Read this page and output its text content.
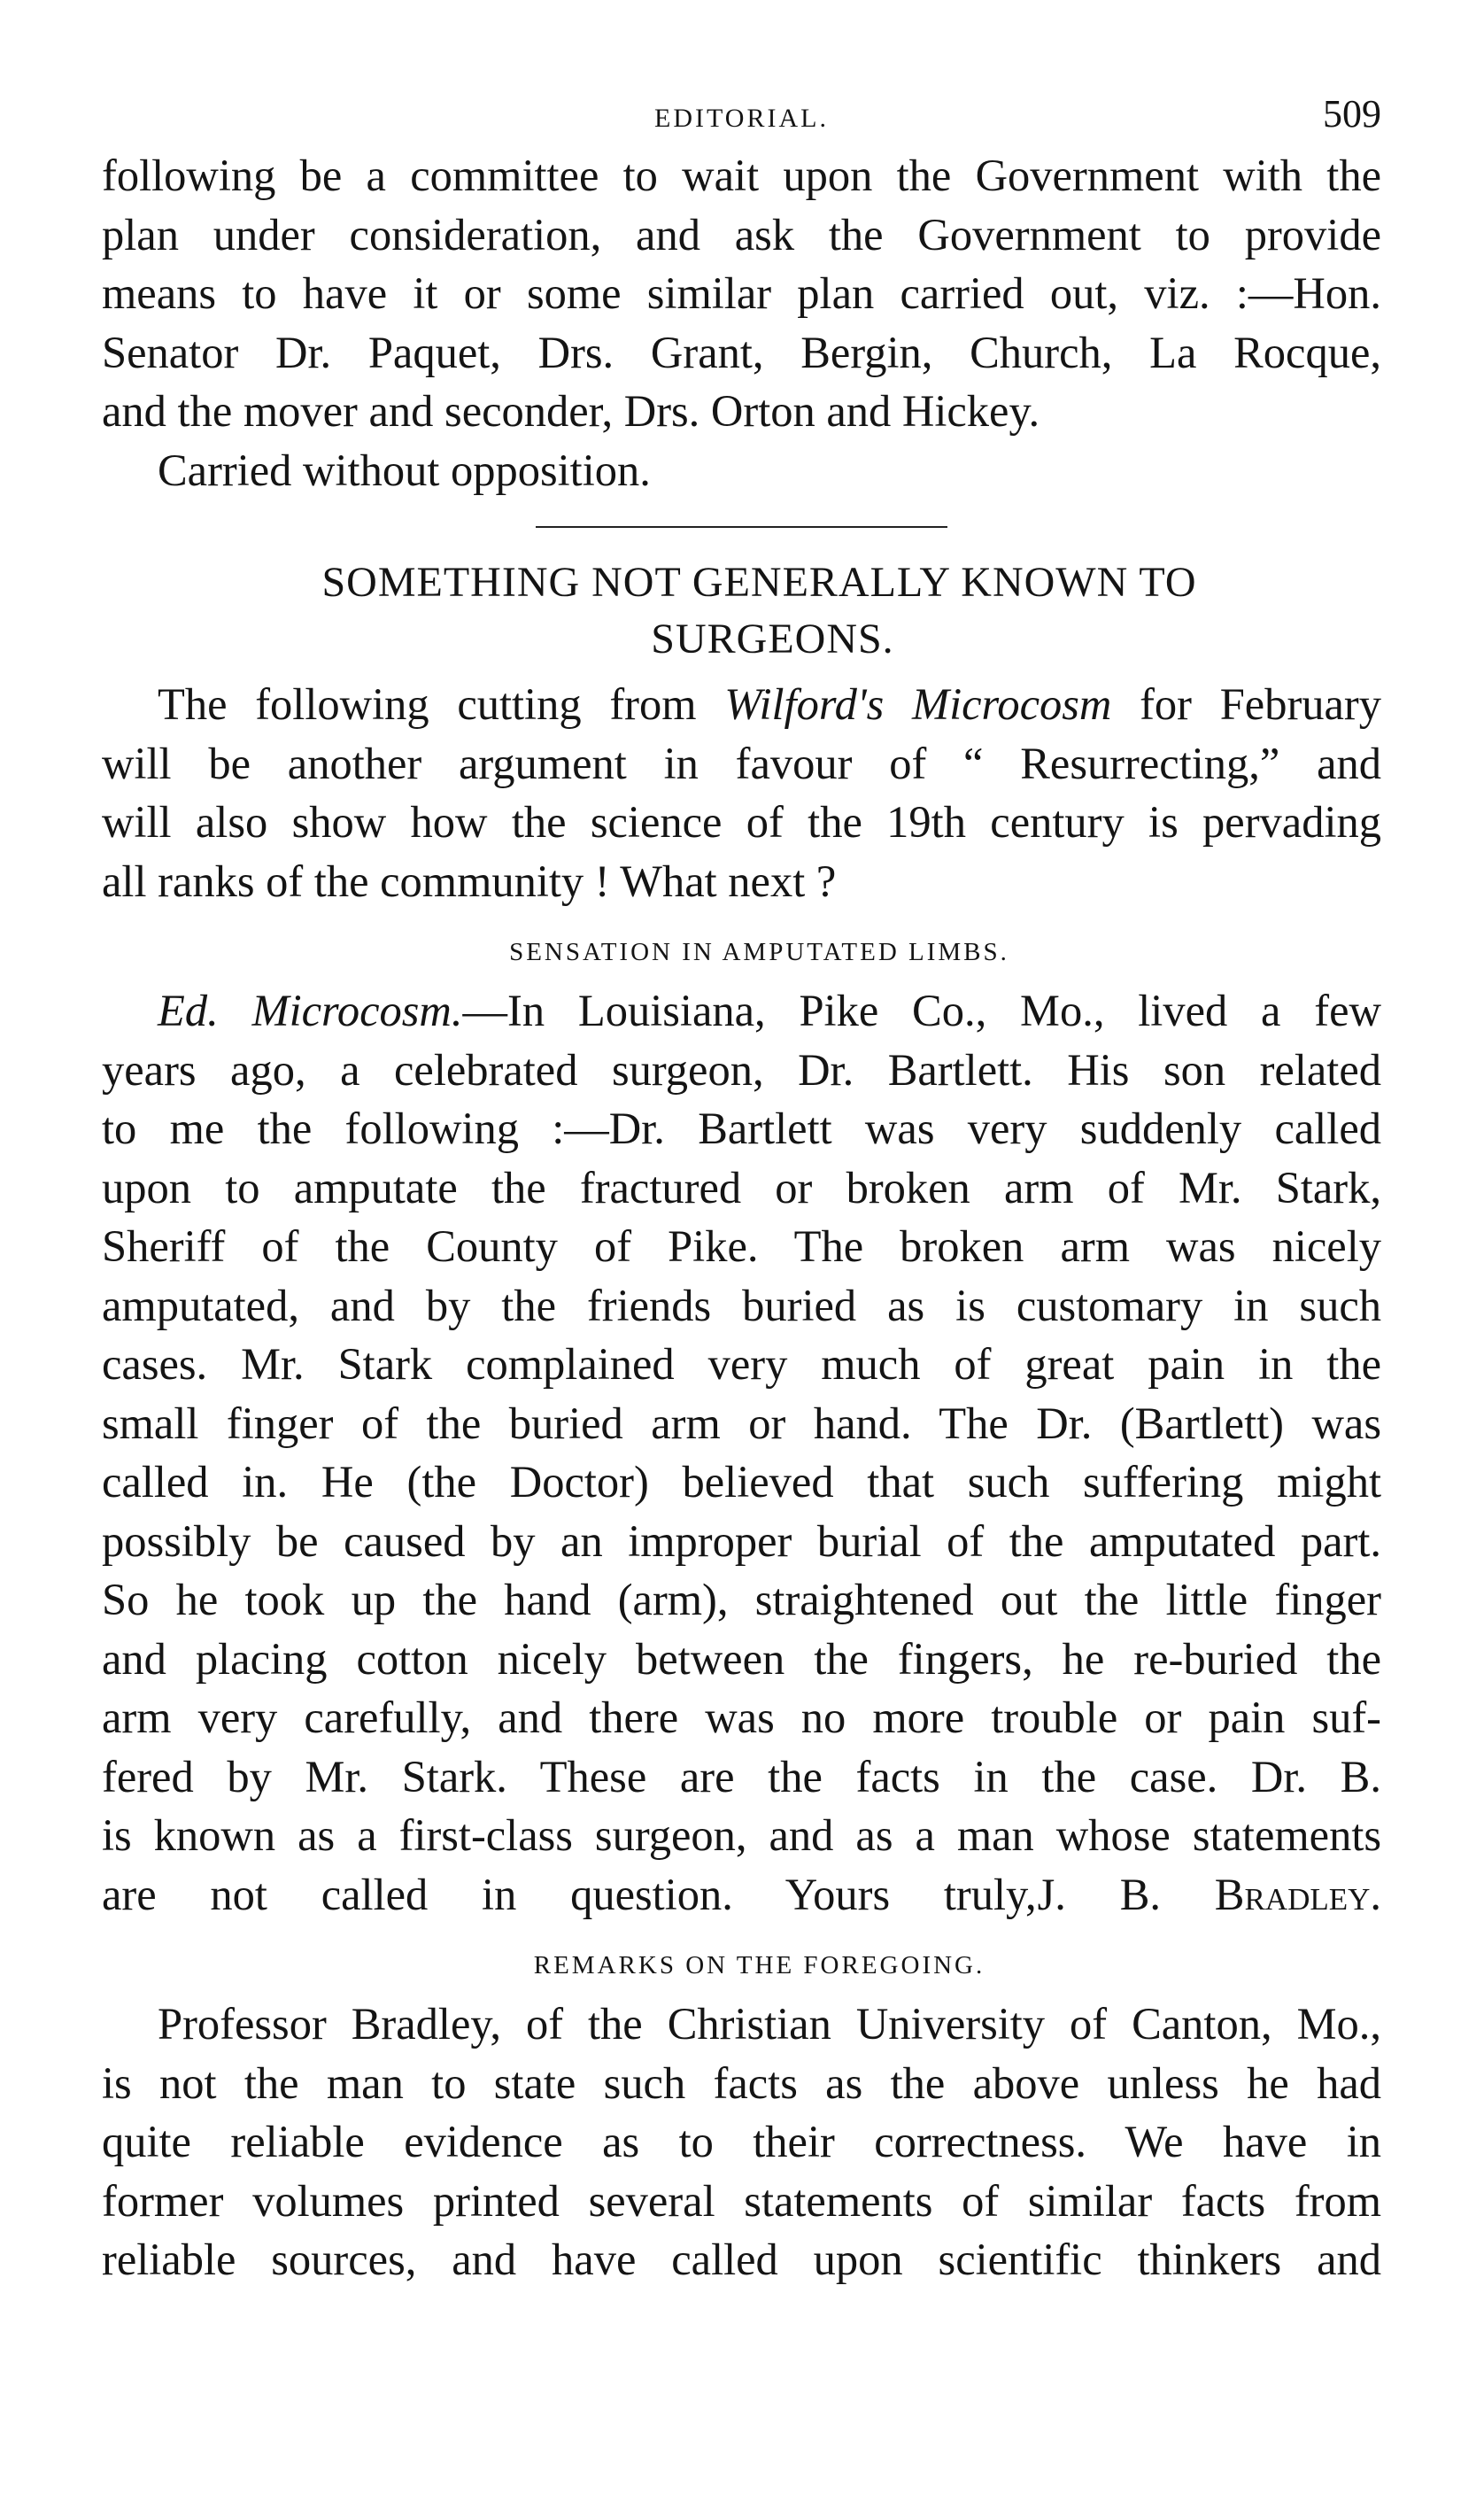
EDITORIAL.	509
following be a committee to wait upon the Government with the
plan under consideration, and ask the Government to provide
means to have it or some similar plan carried out, viz. :—Hon.
Senator Dr. Paquet, Drs. Grant, Bergin, Church, La Rocque,
and the mover and seconder, Drs. Orton and Hickey.
Carried without opposition.
SOMETHING NOT GENERALLY KNOWN TO
SURGEONS.
The following cutting from Wilford's Microcosm for February
will be another argument in favour of “ Resurrecting,” and
will also show how the science of the 19th century is pervading
all ranks of the community ! What next ?
SENSATION IN AMPUTATED LIMBS.
Ed. Microcosm.—In Louisiana, Pike Co., Mo., lived a few
years ago, a celebrated surgeon, Dr. Bartlett. His son related
to me the following :—Dr. Bartlett was very suddenly called
upon to amputate the fractured or broken arm of Mr. Stark,
Sheriff of the County of Pike. The broken arm was nicely
amputated, and by the friends buried as is customary in such
cases. Mr. Stark complained very much of great pain in the
small finger of the buried arm or hand. The Dr. (Bartlett) was
called in. He (the Doctor) believed that such suffering might
possibly be caused by an improper burial of the amputated part.
So he took up the hand (arm), straightened out the little finger
and placing cotton nicely between the fingers, he re-buried the
arm very carefully, and there was no more trouble or pain suf-
fered by Mr. Stark. These are the facts in the case. Dr. B.
is known as a first-class surgeon, and as a man whose statements
are not called in question. Yours truly,J. B. Bradley.
REMARKS ON THE FOREGOING.
Professor Bradley, of the Christian University of Canton, Mo.,
is not the man to state such facts as the above unless he had
quite reliable evidence as to their correctness. We have in
former volumes printed several statements of similar facts from
reliable sources, and have called upon scientific thinkers and
